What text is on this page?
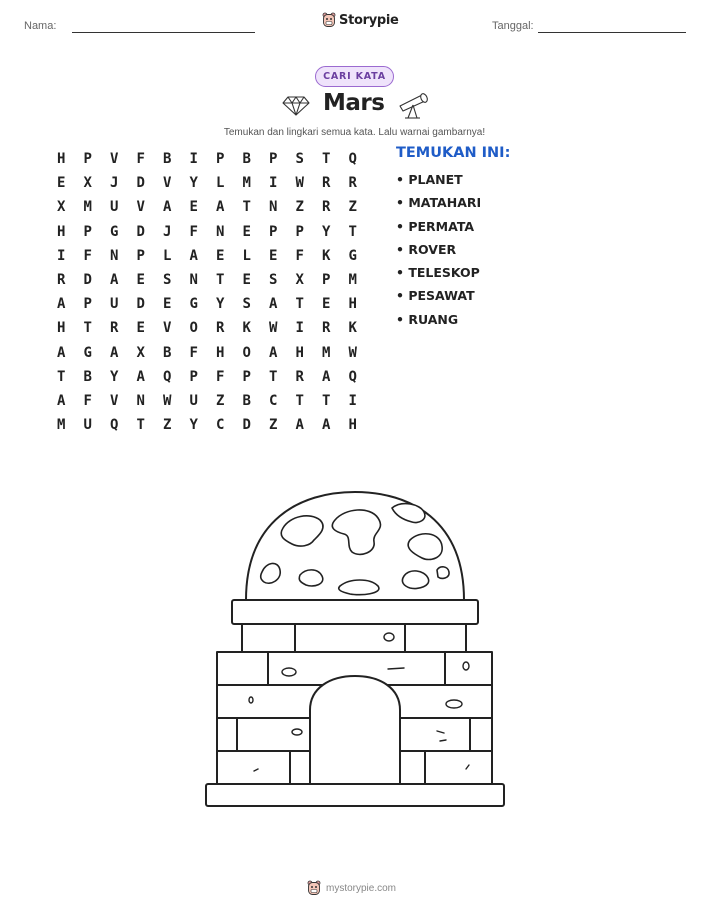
Nama:	Storypie	Tanggal:
CARI KATA
Mars
Temukan dan lingkari semua kata. Lalu warnai gambarnya!
H	P	V	F	B	I	P	B	P	S	T	Q
E	X	J	D	V	Y	L	M	I	W	R	R
X	M	U	V	A	E	A	T	N	Z	R	Z
H	P	G	D	J	F	N	E	P	P	Y	T
I	F	N	P	L	A	E	L	E	F	K	G
R	D	A	E	S	N	T	E	S	X	P	M
A	P	U	D	E	G	Y	S	A	T	E	H
H	T	R	E	V	O	R	K	W	I	R	K
A	G	A	X	B	F	H	O	A	H	M	W
T	B	Y	A	Q	P	F	P	T	R	A	Q
A	F	V	N	W	U	Z	B	C	T	T	I
M	U	Q	T	Z	Y	C	D	Z	A	A	H
TEMUKAN INI:
• PLANET
• MATAHARI
• PERMATA
• ROVER
• TELESKOP
• PESAWAT
• RUANG
mystorypie.com
